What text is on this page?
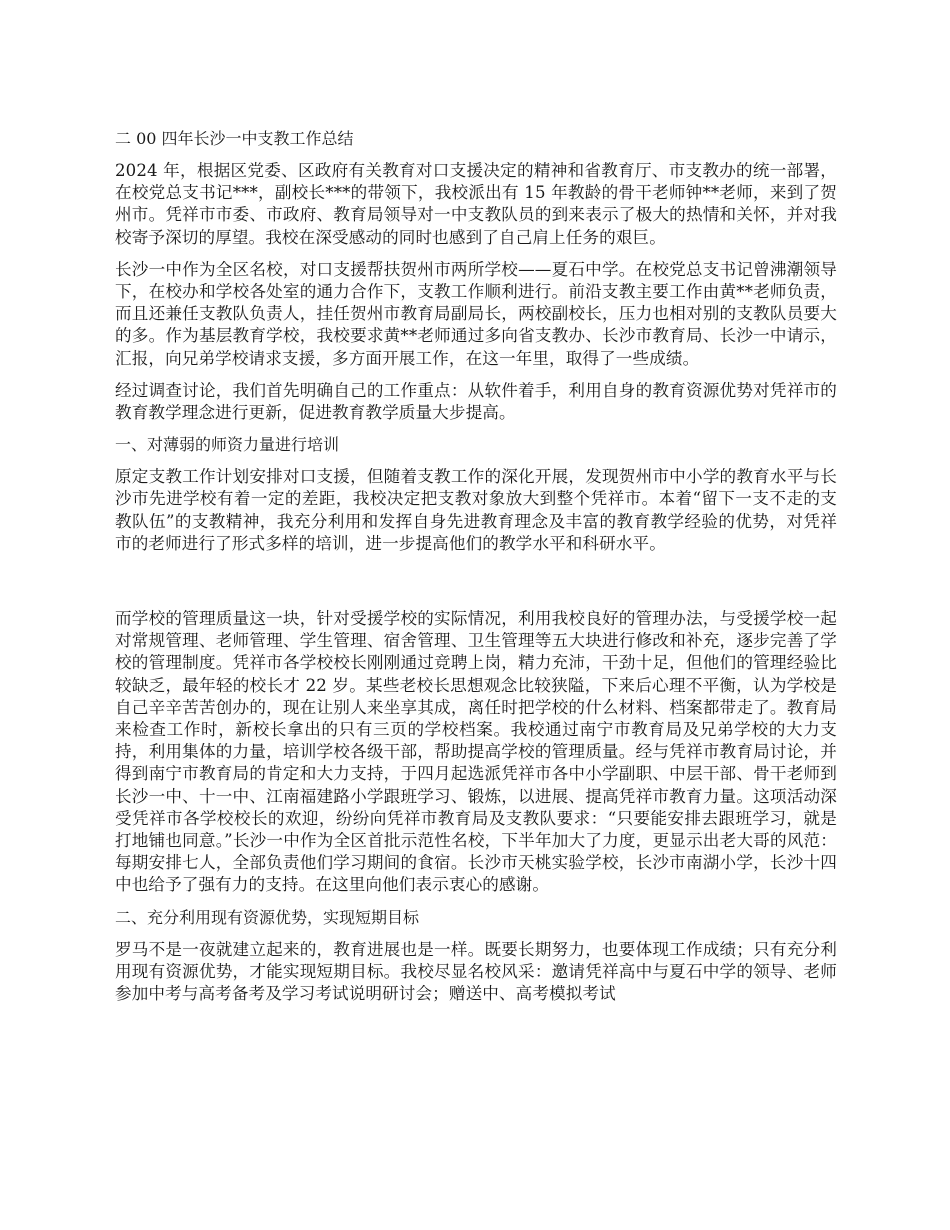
二 00 四年长沙一中支教工作总结

2024 年，根据区党委、区政府有关教育对口支援决定的精神和省教育厅、市支教办的统一部署，在校党总支书记***，副校长***的带领下，我校派出有 15 年教龄的骨干老师钟**老师，来到了贺州市。凭祥市市委、市政府、教育局领导对一中支教队员的到来表示了极大的热情和关怀，并对我校寄予深切的厚望。我校在深受感动的同时也感到了自己肩上任务的艰巨。

长沙一中作为全区名校，对口支援帮扶贺州市两所学校——夏石中学。在校党总支书记曾沸潮领导下，在校办和学校各处室的通力合作下，支教工作顺利进行。前沿支教主要工作由黄**老师负责，而且还兼任支教队负责人，挂任贺州市教育局副局长，两校副校长，压力也相对别的支教队员要大的多。作为基层教育学校，我校要求黄**老师通过多向省支教办、长沙市教育局、长沙一中请示，汇报，向兄弟学校请求支援，多方面开展工作，在这一年里，取得了一些成绩。

经过调查讨论，我们首先明确自己的工作重点：从软件着手，利用自身的教育资源优势对凭祥市的教育教学理念进行更新，促进教育教学质量大步提高。

一、对薄弱的师资力量进行培训

原定支教工作计划安排对口支援，但随着支教工作的深化开展，发现贺州市中小学的教育水平与长沙市先进学校有着一定的差距，我校决定把支教对象放大到整个凭祥市。本着“留下一支不走的支教队伍”的支教精神，我充分利用和发挥自身先进教育理念及丰富的教育教学经验的优势，对凭祥市的老师进行了形式多样的培训，进一步提高他们的教学水平和科研水平。

而学校的管理质量这一块，针对受援学校的实际情况，利用我校良好的管理办法，与受援学校一起对常规管理、老师管理、学生管理、宿舍管理、卫生管理等五大块进行修改和补充，逐步完善了学校的管理制度。凭祥市各学校校长刚刚通过竞聘上岗，精力充沛，干劲十足，但他们的管理经验比较缺乏，最年轻的校长才 22 岁。某些老校长思想观念比较狭隘，下来后心理不平衡，认为学校是自己辛辛苦苦创办的，现在让别人来坐享其成，离任时把学校的什么材料、档案都带走了。教育局来检查工作时，新校长拿出的只有三页的学校档案。我校通过南宁市教育局及兄弟学校的大力支持，利用集体的力量，培训学校各级干部，帮助提高学校的管理质量。经与凭祥市教育局讨论，并得到南宁市教育局的肯定和大力支持，于四月起选派凭祥市各中小学副职、中层干部、骨干老师到长沙一中、十一中、江南福建路小学跟班学习、锻炼，以进展、提高凭祥市教育力量。这项活动深受凭祥市各学校校长的欢迎，纷纷向凭祥市教育局及支教队要求：“只要能安排去跟班学习，就是打地铺也同意。”长沙一中作为全区首批示范性名校，下半年加大了力度，更显示出老大哥的风范：每期安排七人，全部负责他们学习期间的食宿。长沙市天桃实验学校，长沙市南湖小学，长沙十四中也给予了强有力的支持。在这里向他们表示衷心的感谢。

二、充分利用现有资源优势，实现短期目标

罗马不是一夜就建立起来的，教育进展也是一样。既要长期努力，也要体现工作成绩；只有充分利用现有资源优势，才能实现短期目标。我校尽显名校风采：邀请凭祥高中与夏石中学的领导、老师参加中考与高考备考及学习考试说明研讨会；赠送中、高考模拟考试
